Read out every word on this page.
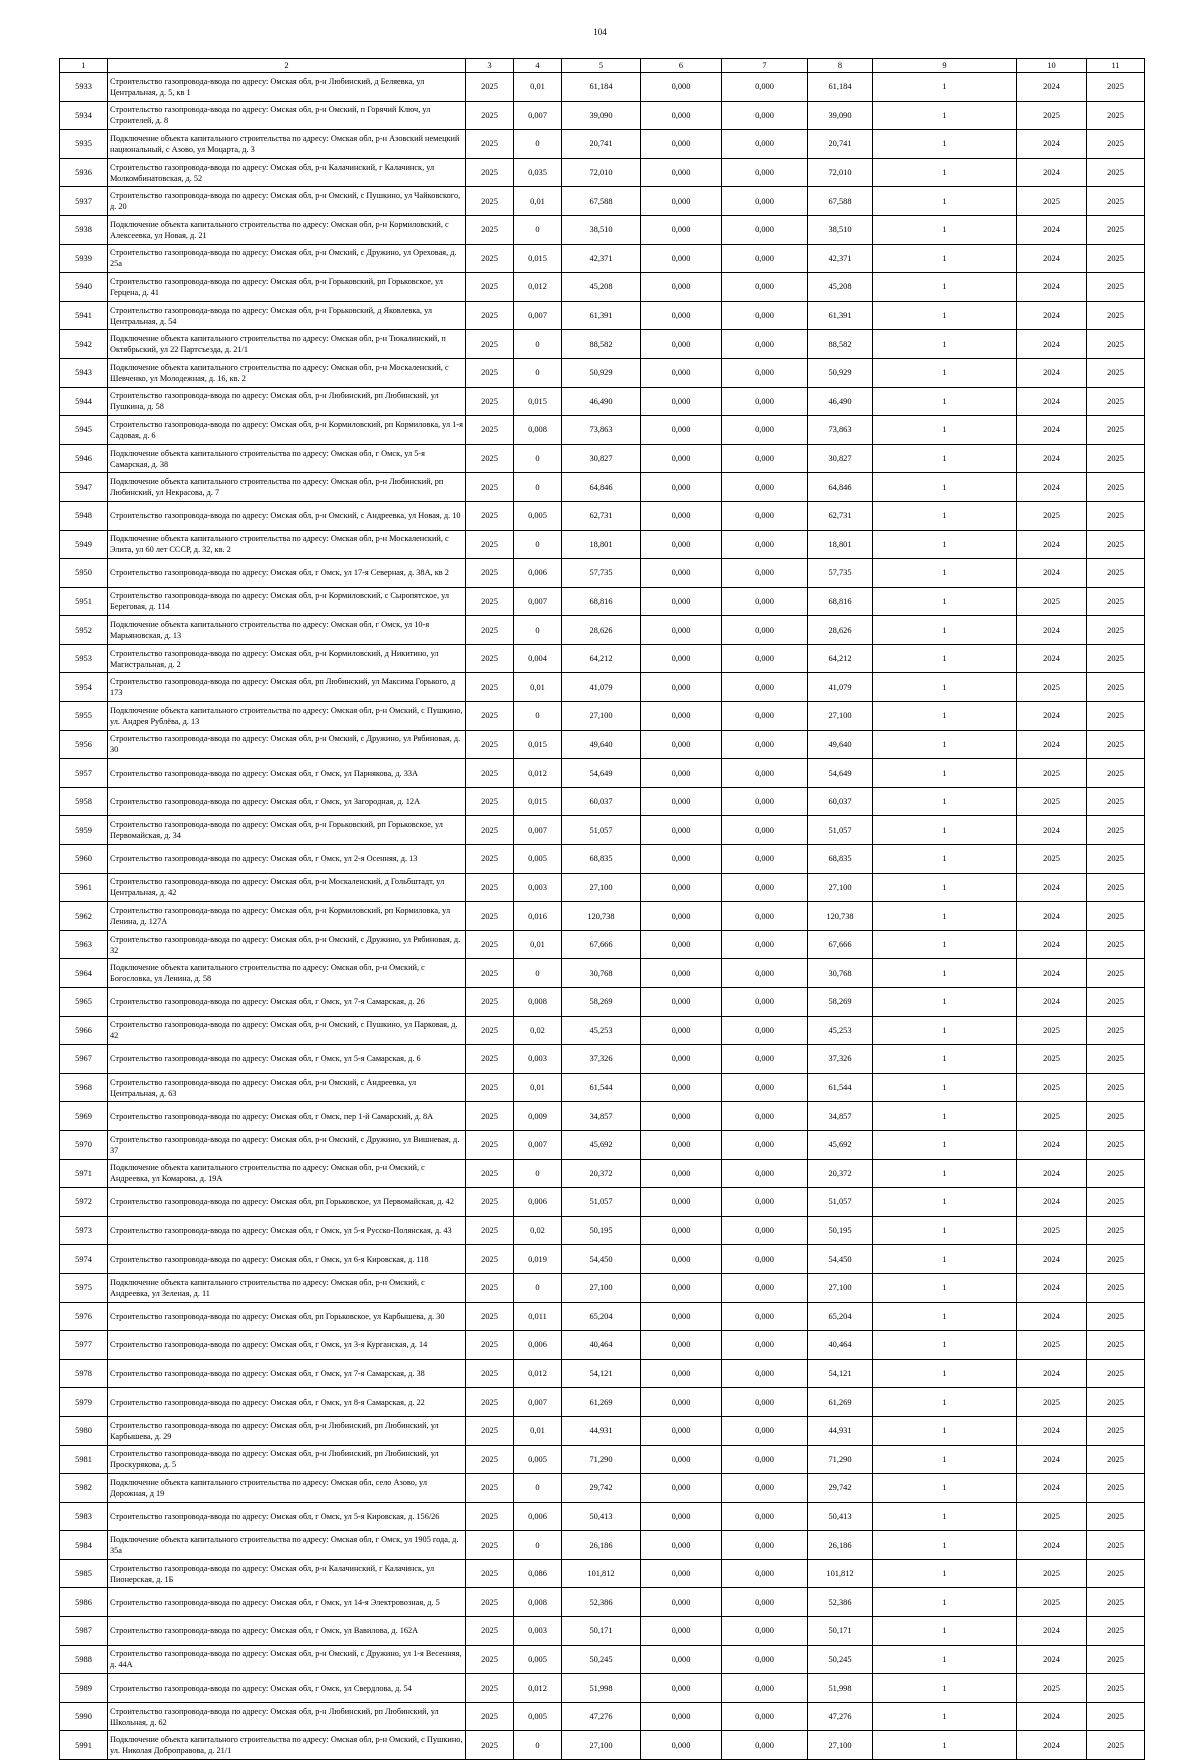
104
1	2	3	4	5	6	7	8	9	10	11
5933	Строительство газопровода-ввода по адресу: Омская обл, р-н Любинский, д Беляевка, ул Центральная, д. 5, кв 1	2025	0,01	61,184	0,000	0,000	61,184	1	2024	2025
5934	Строительство газопровода-ввода по адресу: Омская обл, р-н Омский, п Горячий Ключ, ул Строителей, д. 8	2025	0,007	39,090	0,000	0,000	39,090	1	2025	2025
5935	Подключение объекта капитального строительства по адресу: Омская обл, р-н Азовский немецкий национальный, с Азово, ул Моцарта, д. 3	2025	0	20,741	0,000	0,000	20,741	1	2024	2025
5936	Строительство газопровода-ввода по адресу: Омская обл, р-н Калачинский, г Калачинск, ул Молкомбинатовская, д. 52	2025	0,035	72,010	0,000	0,000	72,010	1	2024	2025
5937	Строительство газопровода-ввода по адресу: Омская обл, р-н Омский, с Пушкино, ул Чайковского, д. 20	2025	0,01	67,588	0,000	0,000	67,588	1	2025	2025
5938	Подключение объекта капитального строительства по адресу: Омская обл, р-н Кормиловский, с Алексеевка, ул Новая, д. 21	2025	0	38,510	0,000	0,000	38,510	1	2024	2025
5939	Строительство газопровода-ввода по адресу: Омская обл, р-н Омский, с Дружино, ул Ореховая, д. 25а	2025	0,015	42,371	0,000	0,000	42,371	1	2024	2025
5940	Строительство газопровода-ввода по адресу: Омская обл, р-н Горьковский, рп Горьковское, ул Герцена, д. 41	2025	0,012	45,208	0,000	0,000	45,208	1	2024	2025
5941	Строительство газопровода-ввода по адресу: Омская обл, р-н Горьковский, д Яковлевка, ул Центральная, д. 54	2025	0,007	61,391	0,000	0,000	61,391	1	2024	2025
5942	Подключение объекта капитального строительства по адресу: Омская обл, р-н Тюкалинский, п Октябрьский, ул 22 Партсъезда, д. 21/1	2025	0	88,582	0,000	0,000	88,582	1	2024	2025
5943	Подключение объекта капитального строительства по адресу: Омская обл, р-н Москаленский, с Шевченко, ул Молодежная, д. 16, кв. 2	2025	0	50,929	0,000	0,000	50,929	1	2024	2025
5944	Строительство газопровода-ввода по адресу: Омская обл, р-н Любинский, рп Любинский, ул Пушкина, д. 58	2025	0,015	46,490	0,000	0,000	46,490	1	2024	2025
5945	Строительство газопровода-ввода по адресу: Омская обл, р-н Кормиловский, рп Кормиловка, ул 1-я Садовая, д. 6	2025	0,008	73,863	0,000	0,000	73,863	1	2024	2025
5946	Подключение объекта капитального строительства по адресу: Омская обл, г Омск, ул 5-я Самарская, д. 38	2025	0	30,827	0,000	0,000	30,827	1	2024	2025
5947	Подключение объекта капитального строительства по адресу: Омская обл, р-н Любинский, рп Любинский, ул Некрасова, д. 7	2025	0	64,846	0,000	0,000	64,846	1	2024	2025
5948	Строительство газопровода-ввода по адресу: Омская обл, р-н Омский, с Андреевка, ул Новая, д. 10	2025	0,005	62,731	0,000	0,000	62,731	1	2025	2025
5949	Подключение объекта капитального строительства по адресу: Омская обл, р-н Москаленский, с Элита, ул 60 лет СССР, д. 32, кв. 2	2025	0	18,801	0,000	0,000	18,801	1	2024	2025
5950	Строительство газопровода-ввода по адресу: Омская обл, г Омск, ул 17-я Северная, д. 38А, кв 2	2025	0,006	57,735	0,000	0,000	57,735	1	2024	2025
5951	Строительство газопровода-ввода по адресу: Омская обл, р-н Кормиловский, с Сыропятское, ул Береговая, д. 114	2025	0,007	68,816	0,000	0,000	68,816	1	2025	2025
5952	Подключение объекта капитального строительства по адресу: Омская обл, г Омск, ул 10-я Марьяновская, д. 13	2025	0	28,626	0,000	0,000	28,626	1	2024	2025
5953	Строительство газопровода-ввода по адресу: Омская обл, р-н Кормиловский, д Никитино, ул Магистральная, д. 2	2025	0,004	64,212	0,000	0,000	64,212	1	2024	2025
5954	Строительство газопровода-ввода по адресу: Омская обл, рп Любинский, ул Максима Горького, д 173	2025	0,01	41,079	0,000	0,000	41,079	1	2025	2025
5955	Подключение объекта капитального строительства по адресу: Омская обл, р-н Омский, с Пушкино, ул. Андрея Рублёва, д. 13	2025	0	27,100	0,000	0,000	27,100	1	2024	2025
5956	Строительство газопровода-ввода по адресу: Омская обл, р-н Омский, с Дружино, ул Рябиновая, д. 30	2025	0,015	49,640	0,000	0,000	49,640	1	2024	2025
5957	Строительство газопровода-ввода по адресу: Омская обл, г Омск, ул Парнякова, д. 33А	2025	0,012	54,649	0,000	0,000	54,649	1	2025	2025
5958	Строительство газопровода-ввода по адресу: Омская обл, г Омск, ул Загородная, д. 12А	2025	0,015	60,037	0,000	0,000	60,037	1	2025	2025
5959	Строительство газопровода-ввода по адресу: Омская обл, р-н Горьковский, рп Горьковское, ул Первомайская, д. 34	2025	0,007	51,057	0,000	0,000	51,057	1	2024	2025
5960	Строительство газопровода-ввода по адресу: Омская обл, г Омск, ул 2-я Осенняя, д. 13	2025	0,005	68,835	0,000	0,000	68,835	1	2025	2025
5961	Строительство газопровода-ввода по адресу: Омская обл, р-н Москаленский, д Гольбштадт, ул Центральная, д. 42	2025	0,003	27,100	0,000	0,000	27,100	1	2024	2025
5962	Строительство газопровода-ввода по адресу: Омская обл, р-н Кормиловский, рп Кормиловка, ул Ленина, д. 127А	2025	0,016	120,738	0,000	0,000	120,738	1	2024	2025
5963	Строительство газопровода-ввода по адресу: Омская обл, р-н Омский, с Дружино, ул Рябиновая, д. 32	2025	0,01	67,666	0,000	0,000	67,666	1	2024	2025
5964	Подключение объекта капитального строительства по адресу: Омская обл, р-н Омский, с Богословка, ул Ленина, д. 58	2025	0	30,768	0,000	0,000	30,768	1	2024	2025
5965	Строительство газопровода-ввода по адресу: Омская обл, г Омск, ул 7-я Самарская, д. 26	2025	0,008	58,269	0,000	0,000	58,269	1	2024	2025
5966	Строительство газопровода-ввода по адресу: Омская обл, р-н Омский, с Пушкино, ул Парковая, д. 42	2025	0,02	45,253	0,000	0,000	45,253	1	2025	2025
5967	Строительство газопровода-ввода по адресу: Омская обл, г Омск, ул 5-я Самарская, д. 6	2025	0,003	37,326	0,000	0,000	37,326	1	2025	2025
5968	Строительство газопровода-ввода по адресу: Омская обл, р-н Омский, с Андреевка, ул Центральная, д. 63	2025	0,01	61,544	0,000	0,000	61,544	1	2025	2025
5969	Строительство газопровода-ввода по адресу: Омская обл, г Омск, пер 1-й Самарский, д. 8А	2025	0,009	34,857	0,000	0,000	34,857	1	2025	2025
5970	Строительство газопровода-ввода по адресу: Омская обл, р-н Омский, с Дружино, ул Вишневая, д. 37	2025	0,007	45,692	0,000	0,000	45,692	1	2024	2025
5971	Подключение объекта капитального строительства по адресу: Омская обл, р-н Омский, с Андреевка, ул Комарова, д. 19А	2025	0	20,372	0,000	0,000	20,372	1	2024	2025
5972	Строительство газопровода-ввода по адресу: Омская обл, рп Горьковское, ул Первомайская, д. 42	2025	0,006	51,057	0,000	0,000	51,057	1	2024	2025
5973	Строительство газопровода-ввода по адресу: Омская обл, г Омск, ул 5-я Русско-Полянская, д. 43	2025	0,02	50,195	0,000	0,000	50,195	1	2025	2025
5974	Строительство газопровода-ввода по адресу: Омская обл, г Омск, ул 6-я Кировская, д. 118	2025	0,019	54,450	0,000	0,000	54,450	1	2024	2025
5975	Подключение объекта капитального строительства по адресу: Омская обл, р-н Омский, с Андреевка, ул Зеленая, д. 11	2025	0	27,100	0,000	0,000	27,100	1	2024	2025
5976	Строительство газопровода-ввода по адресу: Омская обл, рп Горьковское, ул Карбышева, д. 30	2025	0,011	65,204	0,000	0,000	65,204	1	2024	2025
5977	Строительство газопровода-ввода по адресу: Омская обл, г Омск, ул 3-я Курганская, д. 14	2025	0,006	40,464	0,000	0,000	40,464	1	2025	2025
5978	Строительство газопровода-ввода по адресу: Омская обл, г Омск, ул 7-я Самарская, д. 38	2025	0,012	54,121	0,000	0,000	54,121	1	2024	2025
5979	Строительство газопровода-ввода по адресу: Омская обл, г Омск, ул 8-я Самарская, д. 22	2025	0,007	61,269	0,000	0,000	61,269	1	2025	2025
5980	Строительство газопровода-ввода по адресу: Омская обл, р-н Любинский, рп Любинский, ул Карбышева, д. 29	2025	0,01	44,931	0,000	0,000	44,931	1	2024	2025
5981	Строительство газопровода-ввода по адресу: Омская обл, р-н Любинский, рп Любинский, ул Проскурякова, д. 5	2025	0,005	71,290	0,000	0,000	71,290	1	2024	2025
5982	Подключение объекта капитального строительства по адресу: Омская обл, село Азово, ул Дорожная, д 19	2025	0	29,742	0,000	0,000	29,742	1	2024	2025
5983	Строительство газопровода-ввода по адресу: Омская обл, г Омск, ул 5-я Кировская, д. 156/26	2025	0,006	50,413	0,000	0,000	50,413	1	2025	2025
5984	Подключение объекта капитального строительства по адресу: Омская обл, г Омск, ул 1905 года, д. 35а	2025	0	26,186	0,000	0,000	26,186	1	2024	2025
5985	Строительство газопровода-ввода по адресу: Омская обл, р-н Калачинский, г Калачинск, ул Пионерская, д. 1Б	2025	0,086	101,812	0,000	0,000	101,812	1	2025	2025
5986	Строительство газопровода-ввода по адресу: Омская обл, г Омск, ул 14-я Электровозная, д. 5	2025	0,008	52,386	0,000	0,000	52,386	1	2025	2025
5987	Строительство газопровода-ввода по адресу: Омская обл, г Омск, ул Вавилова, д. 162А	2025	0,003	50,171	0,000	0,000	50,171	1	2024	2025
5988	Строительство газопровода-ввода по адресу: Омская обл, р-н Омский, с Дружино, ул 1-я Весенняя, д. 44А	2025	0,005	50,245	0,000	0,000	50,245	1	2024	2025
5989	Строительство газопровода-ввода по адресу: Омская обл, г Омск, ул Свердлова, д. 54	2025	0,012	51,998	0,000	0,000	51,998	1	2025	2025
5990	Строительство газопровода-ввода по адресу: Омская обл, р-н Любинский, рп Любинский, ул Школьная, д. 62	2025	0,005	47,276	0,000	0,000	47,276	1	2024	2025
5991	Подключение объекта капитального строительства по адресу: Омская обл, р-н Омский, с Пушкино, ул. Николая Доброправова, д. 21/1	2025	0	27,100	0,000	0,000	27,100	1	2024	2025
